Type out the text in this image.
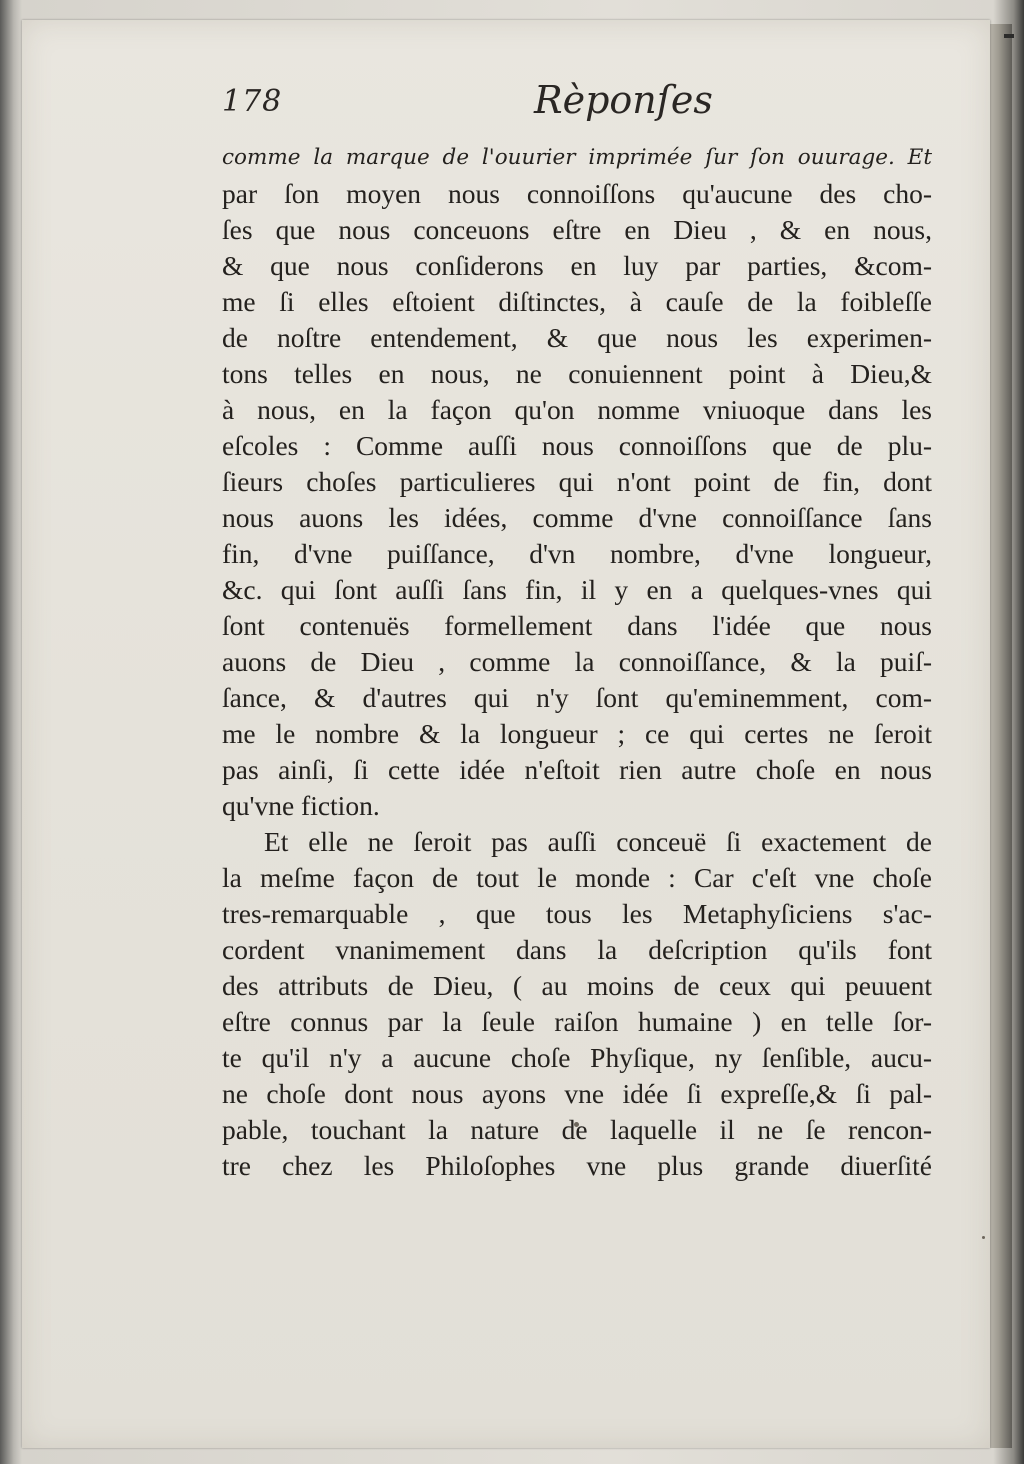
178	Rèponſes
comme la marque de l'ouurier imprimée ſur ſon ouurage. Et
par ſon moyen nous connoiſſons qu'aucune des cho-
ſes que nous conceuons eſtre en Dieu , & en nous,
& que nous conſiderons en luy par parties, &com-
me ſi elles eſtoient diſtinctes, à cauſe de la foibleſſe
de noſtre entendement, & que nous les experimen-
tons telles en nous, ne conuiennent point à Dieu,&
à nous, en la façon qu'on nomme vniuoque dans les
eſcoles : Comme auſſi nous connoiſſons que de plu-
ſieurs choſes particulieres qui n'ont point de fin, dont
nous auons les idées, comme d'vne connoiſſance ſans
fin, d'vne puiſſance, d'vn nombre, d'vne longueur,
&c. qui ſont auſſi ſans fin, il y en a quelques-vnes qui
ſont contenuës formellement dans l'idée que nous
auons de Dieu , comme la connoiſſance, & la puiſ-
ſance, & d'autres qui n'y ſont qu'eminemment, com-
me le nombre & la longueur ; ce qui certes ne ſeroit
pas ainſi, ſi cette idée n'eſtoit rien autre choſe en nous
qu'vne fiction.
Et elle ne ſeroit pas auſſi conceuë ſi exactement de
la meſme façon de tout le monde : Car c'eſt vne choſe
tres-remarquable , que tous les Metaphyſiciens s'ac-
cordent vnanimement dans la deſcription qu'ils font
des attributs de Dieu, ( au moins de ceux qui peuuent
eſtre connus par la ſeule raiſon humaine ) en telle ſor-
te qu'il n'y a aucune choſe Phyſique, ny ſenſible, aucu-
ne choſe dont nous ayons vne idée ſi expreſſe,& ſi pal-
pable, touchant la nature de laquelle il ne ſe rencon-
tre chez les Philoſophes vne plus grande diuerſité
